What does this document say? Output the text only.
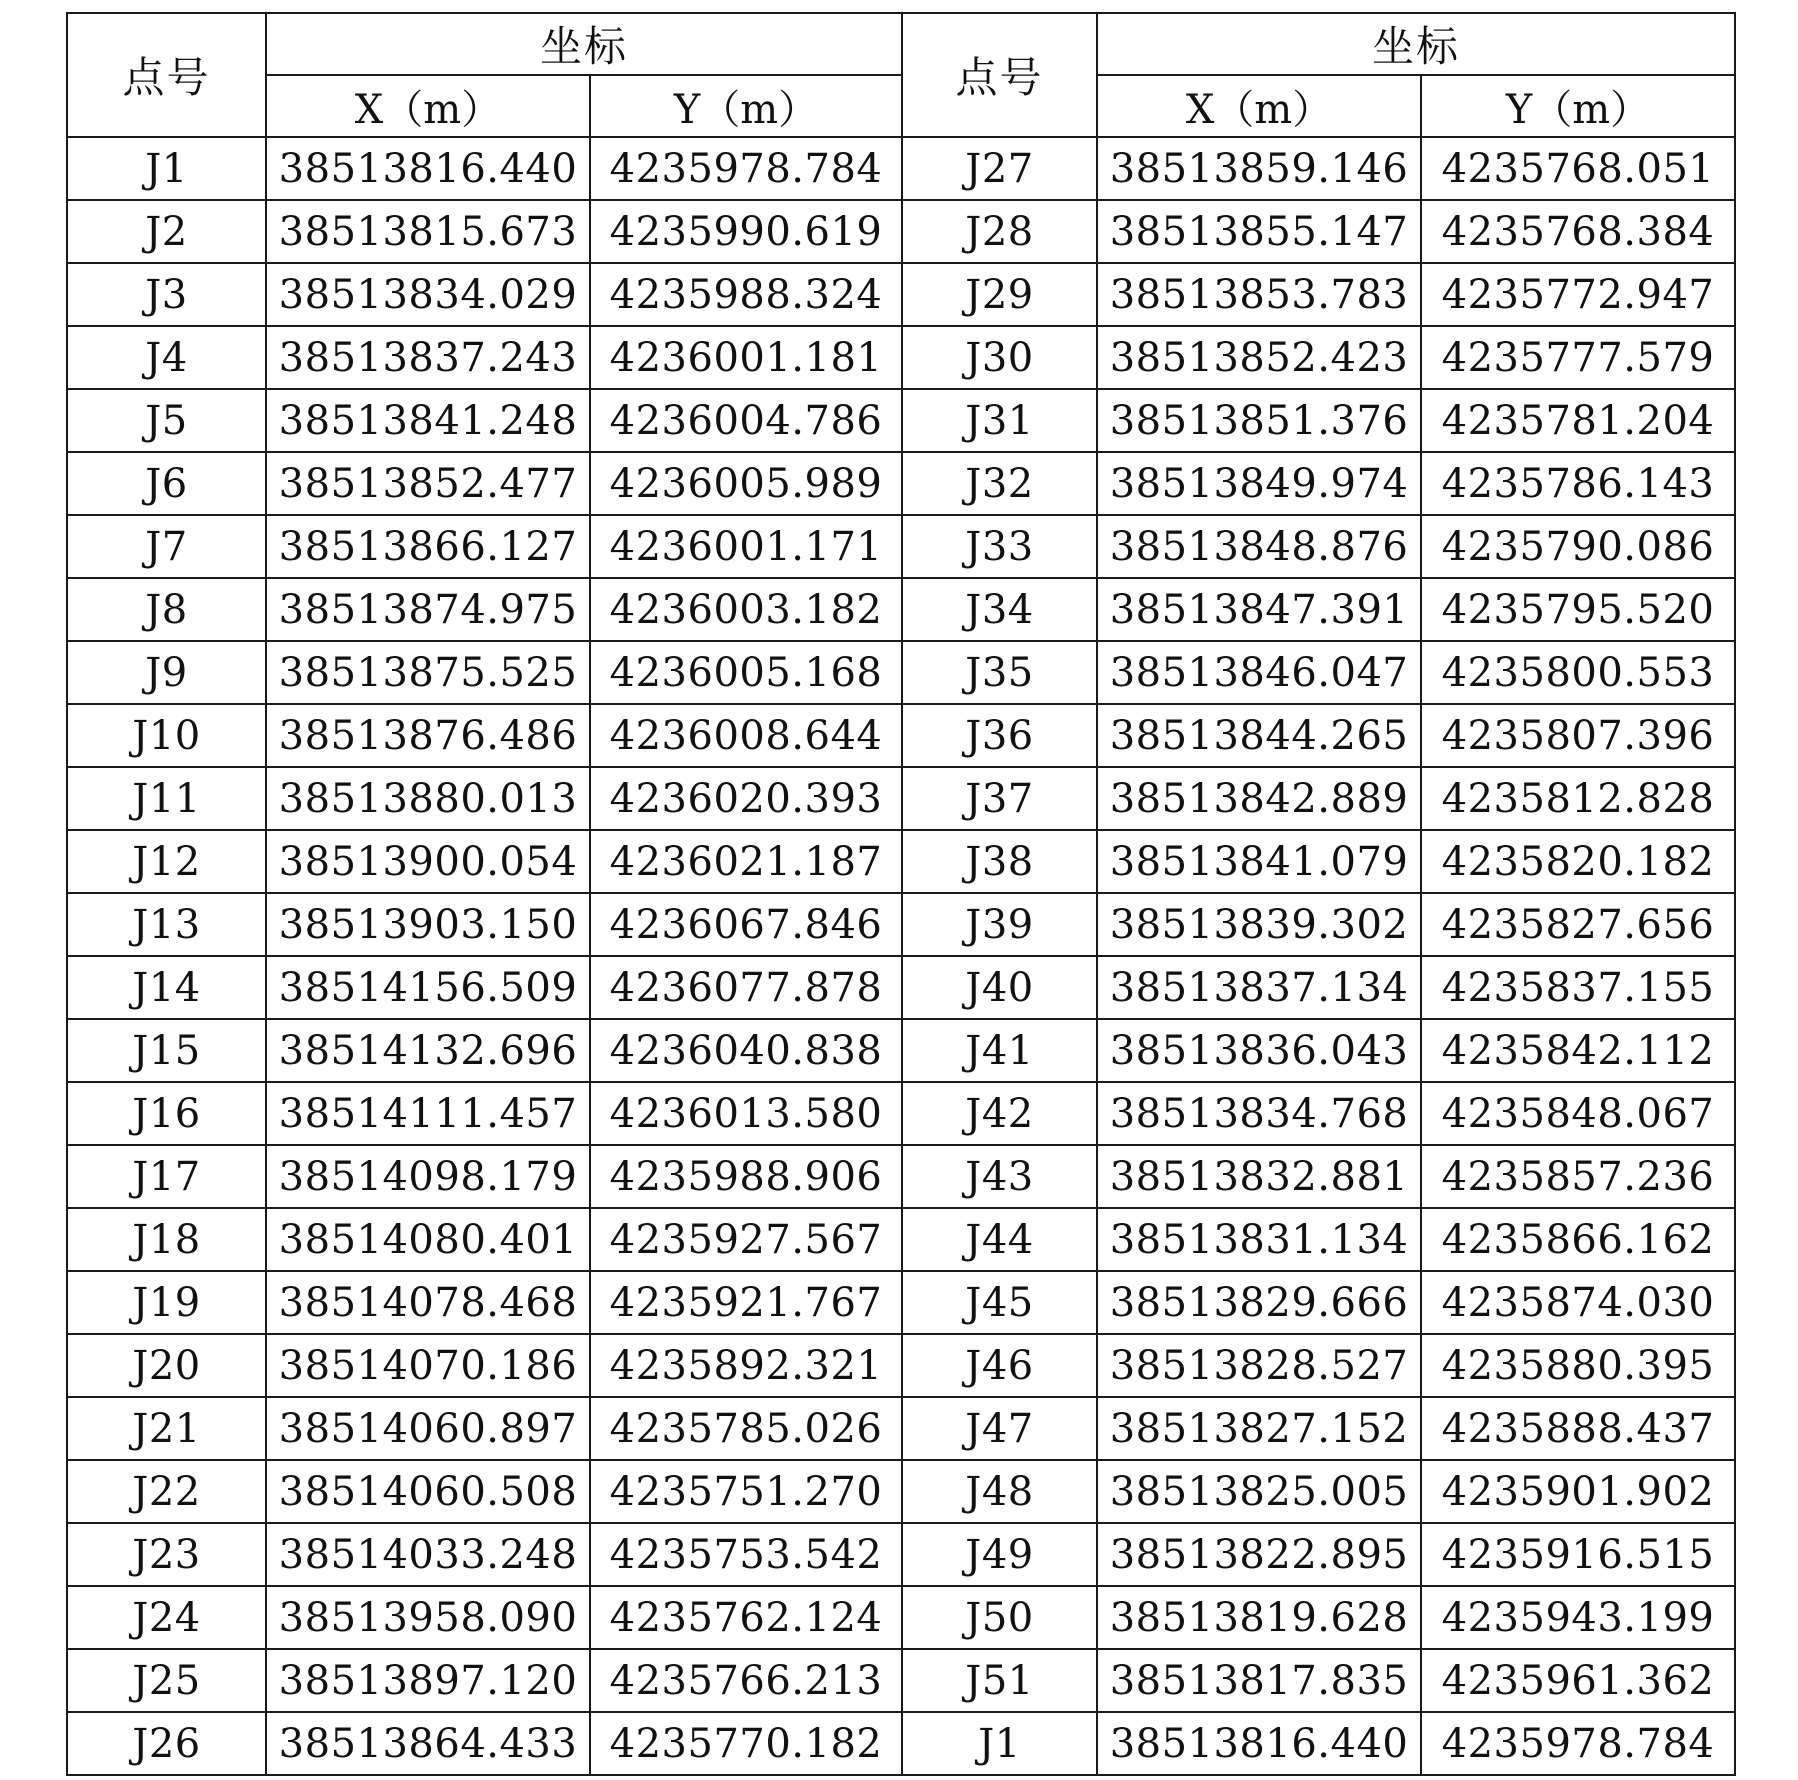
点号	坐标		点号	坐标	
	X（m）	Y（m）		X（m）	Y（m）
J1	38513816.440	4235978.784	J27	38513859.146	4235768.051
J2	38513815.673	4235990.619	J28	38513855.147	4235768.384
J3	38513834.029	4235988.324	J29	38513853.783	4235772.947
J4	38513837.243	4236001.181	J30	38513852.423	4235777.579
J5	38513841.248	4236004.786	J31	38513851.376	4235781.204
J6	38513852.477	4236005.989	J32	38513849.974	4235786.143
J7	38513866.127	4236001.171	J33	38513848.876	4235790.086
J8	38513874.975	4236003.182	J34	38513847.391	4235795.520
J9	38513875.525	4236005.168	J35	38513846.047	4235800.553
J10	38513876.486	4236008.644	J36	38513844.265	4235807.396
J11	38513880.013	4236020.393	J37	38513842.889	4235812.828
J12	38513900.054	4236021.187	J38	38513841.079	4235820.182
J13	38513903.150	4236067.846	J39	38513839.302	4235827.656
J14	38514156.509	4236077.878	J40	38513837.134	4235837.155
J15	38514132.696	4236040.838	J41	38513836.043	4235842.112
J16	38514111.457	4236013.580	J42	38513834.768	4235848.067
J17	38514098.179	4235988.906	J43	38513832.881	4235857.236
J18	38514080.401	4235927.567	J44	38513831.134	4235866.162
J19	38514078.468	4235921.767	J45	38513829.666	4235874.030
J20	38514070.186	4235892.321	J46	38513828.527	4235880.395
J21	38514060.897	4235785.026	J47	38513827.152	4235888.437
J22	38514060.508	4235751.270	J48	38513825.005	4235901.902
J23	38514033.248	4235753.542	J49	38513822.895	4235916.515
J24	38513958.090	4235762.124	J50	38513819.628	4235943.199
J25	38513897.120	4235766.213	J51	38513817.835	4235961.362
J26	38513864.433	4235770.182	J1	38513816.440	4235978.784
